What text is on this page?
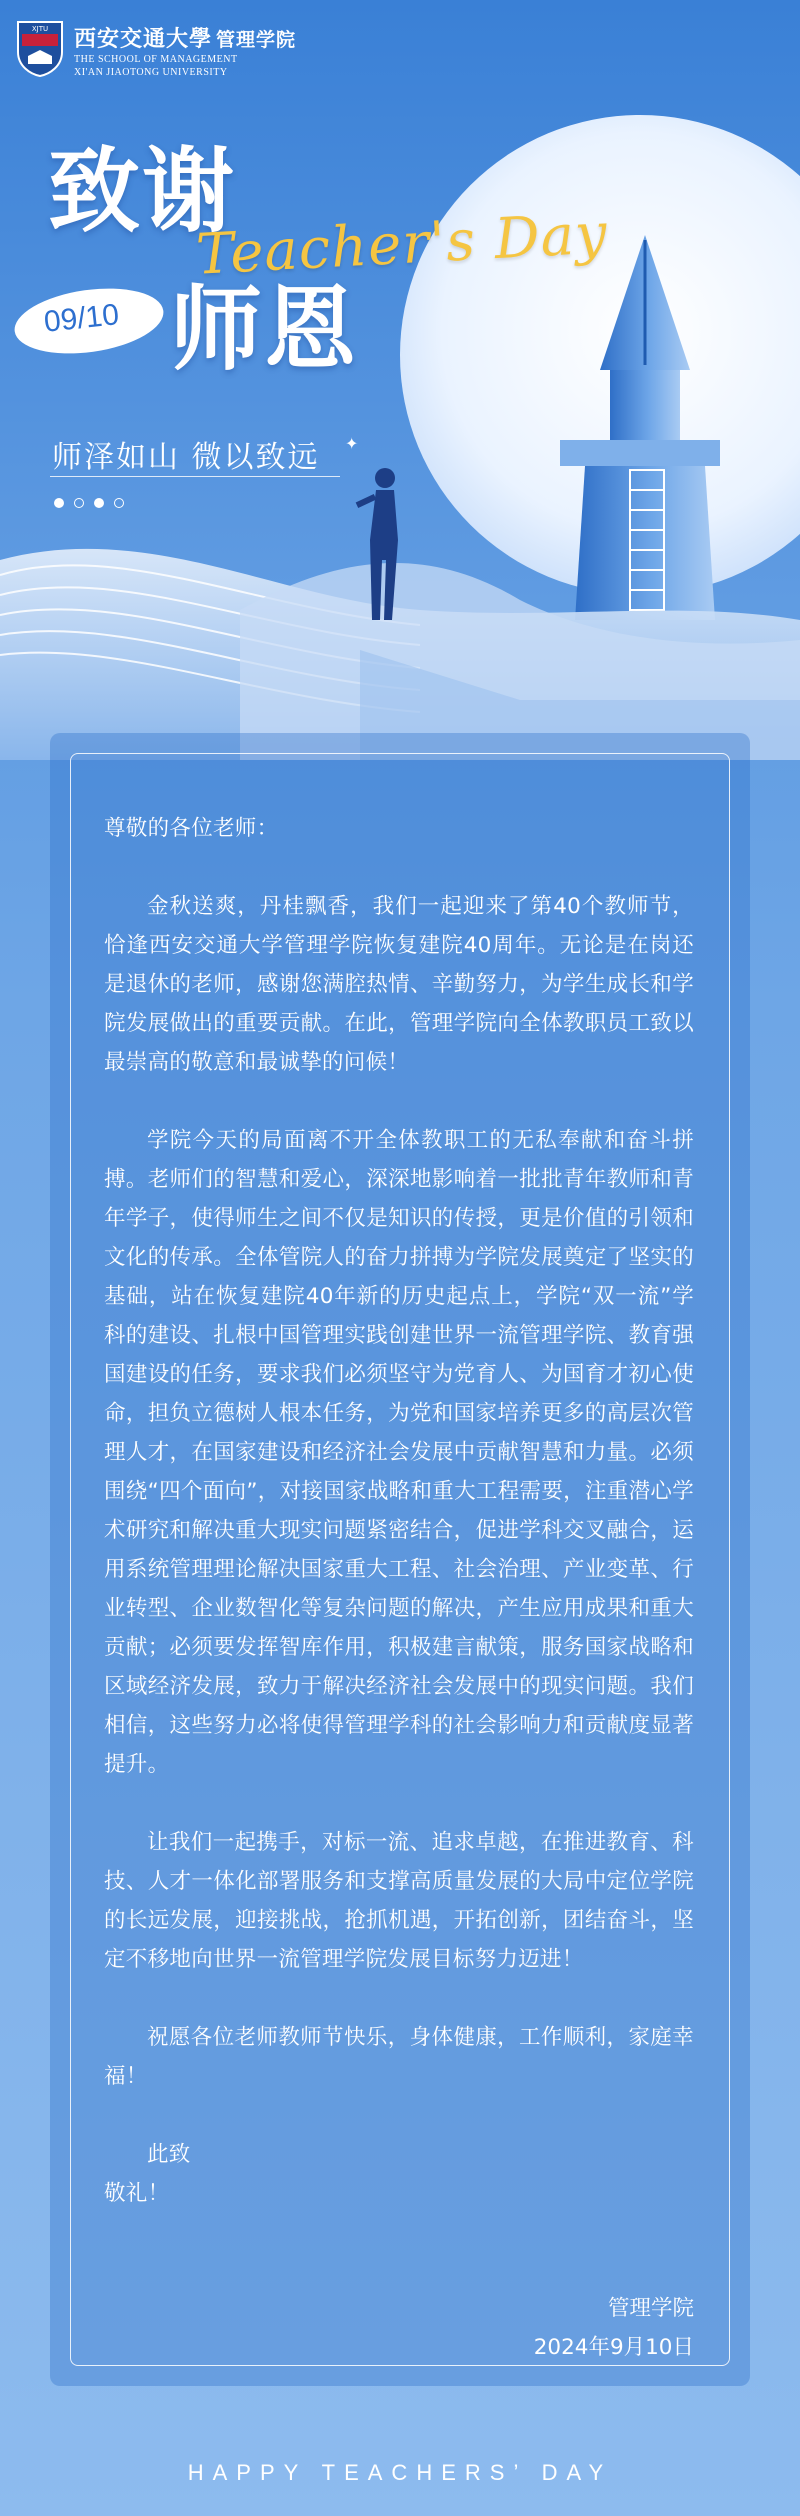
XJTU 西安交通大學 管理学院
THE SCHOOL OF MANAGEMENT
XI'AN JIAOTONG UNIVERSITY
致谢
09/10 师恩
Teacher's Day
师泽如山 微以致远 ✦

尊敬的各位老师：

金秋送爽，丹桂飘香，我们一起迎来了第40个教师节，恰逢西安交通大学管理学院恢复建院40周年。无论是在岗还是退休的老师，感谢您满腔热情、辛勤努力，为学生成长和学院发展做出的重要贡献。在此，管理学院向全体教职员工致以最崇高的敬意和最诚挚的问候！

学院今天的局面离不开全体教职工的无私奉献和奋斗拼搏。老师们的智慧和爱心，深深地影响着一批批青年教师和青年学子，使得师生之间不仅是知识的传授，更是价值的引领和文化的传承。全体管院人的奋力拼搏为学院发展奠定了坚实的基础，站在恢复建院40年新的历史起点上，学院“双一流”学科的建设、扎根中国管理实践创建世界一流管理学院、教育强国建设的任务，要求我们必须坚守为党育人、为国育才初心使命，担负立德树人根本任务，为党和国家培养更多的高层次管理人才，在国家建设和经济社会发展中贡献智慧和力量。必须围绕“四个面向”，对接国家战略和重大工程需要，注重潜心学术研究和解决重大现实问题紧密结合，促进学科交叉融合，运用系统管理理论解决国家重大工程、社会治理、产业变革、行业转型、企业数智化等复杂问题的解决，产生应用成果和重大贡献；必须要发挥智库作用，积极建言献策，服务国家战略和区域经济发展，致力于解决经济社会发展中的现实问题。我们相信，这些努力必将使得管理学科的社会影响力和贡献度显著提升。

让我们一起携手，对标一流、追求卓越，在推进教育、科技、人才一体化部署服务和支撑高质量发展的大局中定位学院的长远发展，迎接挑战，抢抓机遇，开拓创新，团结奋斗，坚定不移地向世界一流管理学院发展目标努力迈进！

祝愿各位老师教师节快乐，身体健康，工作顺利，家庭幸福！

此致

敬礼！

管理学院
2024年9月10日
HAPPY TEACHERS’ DAY
